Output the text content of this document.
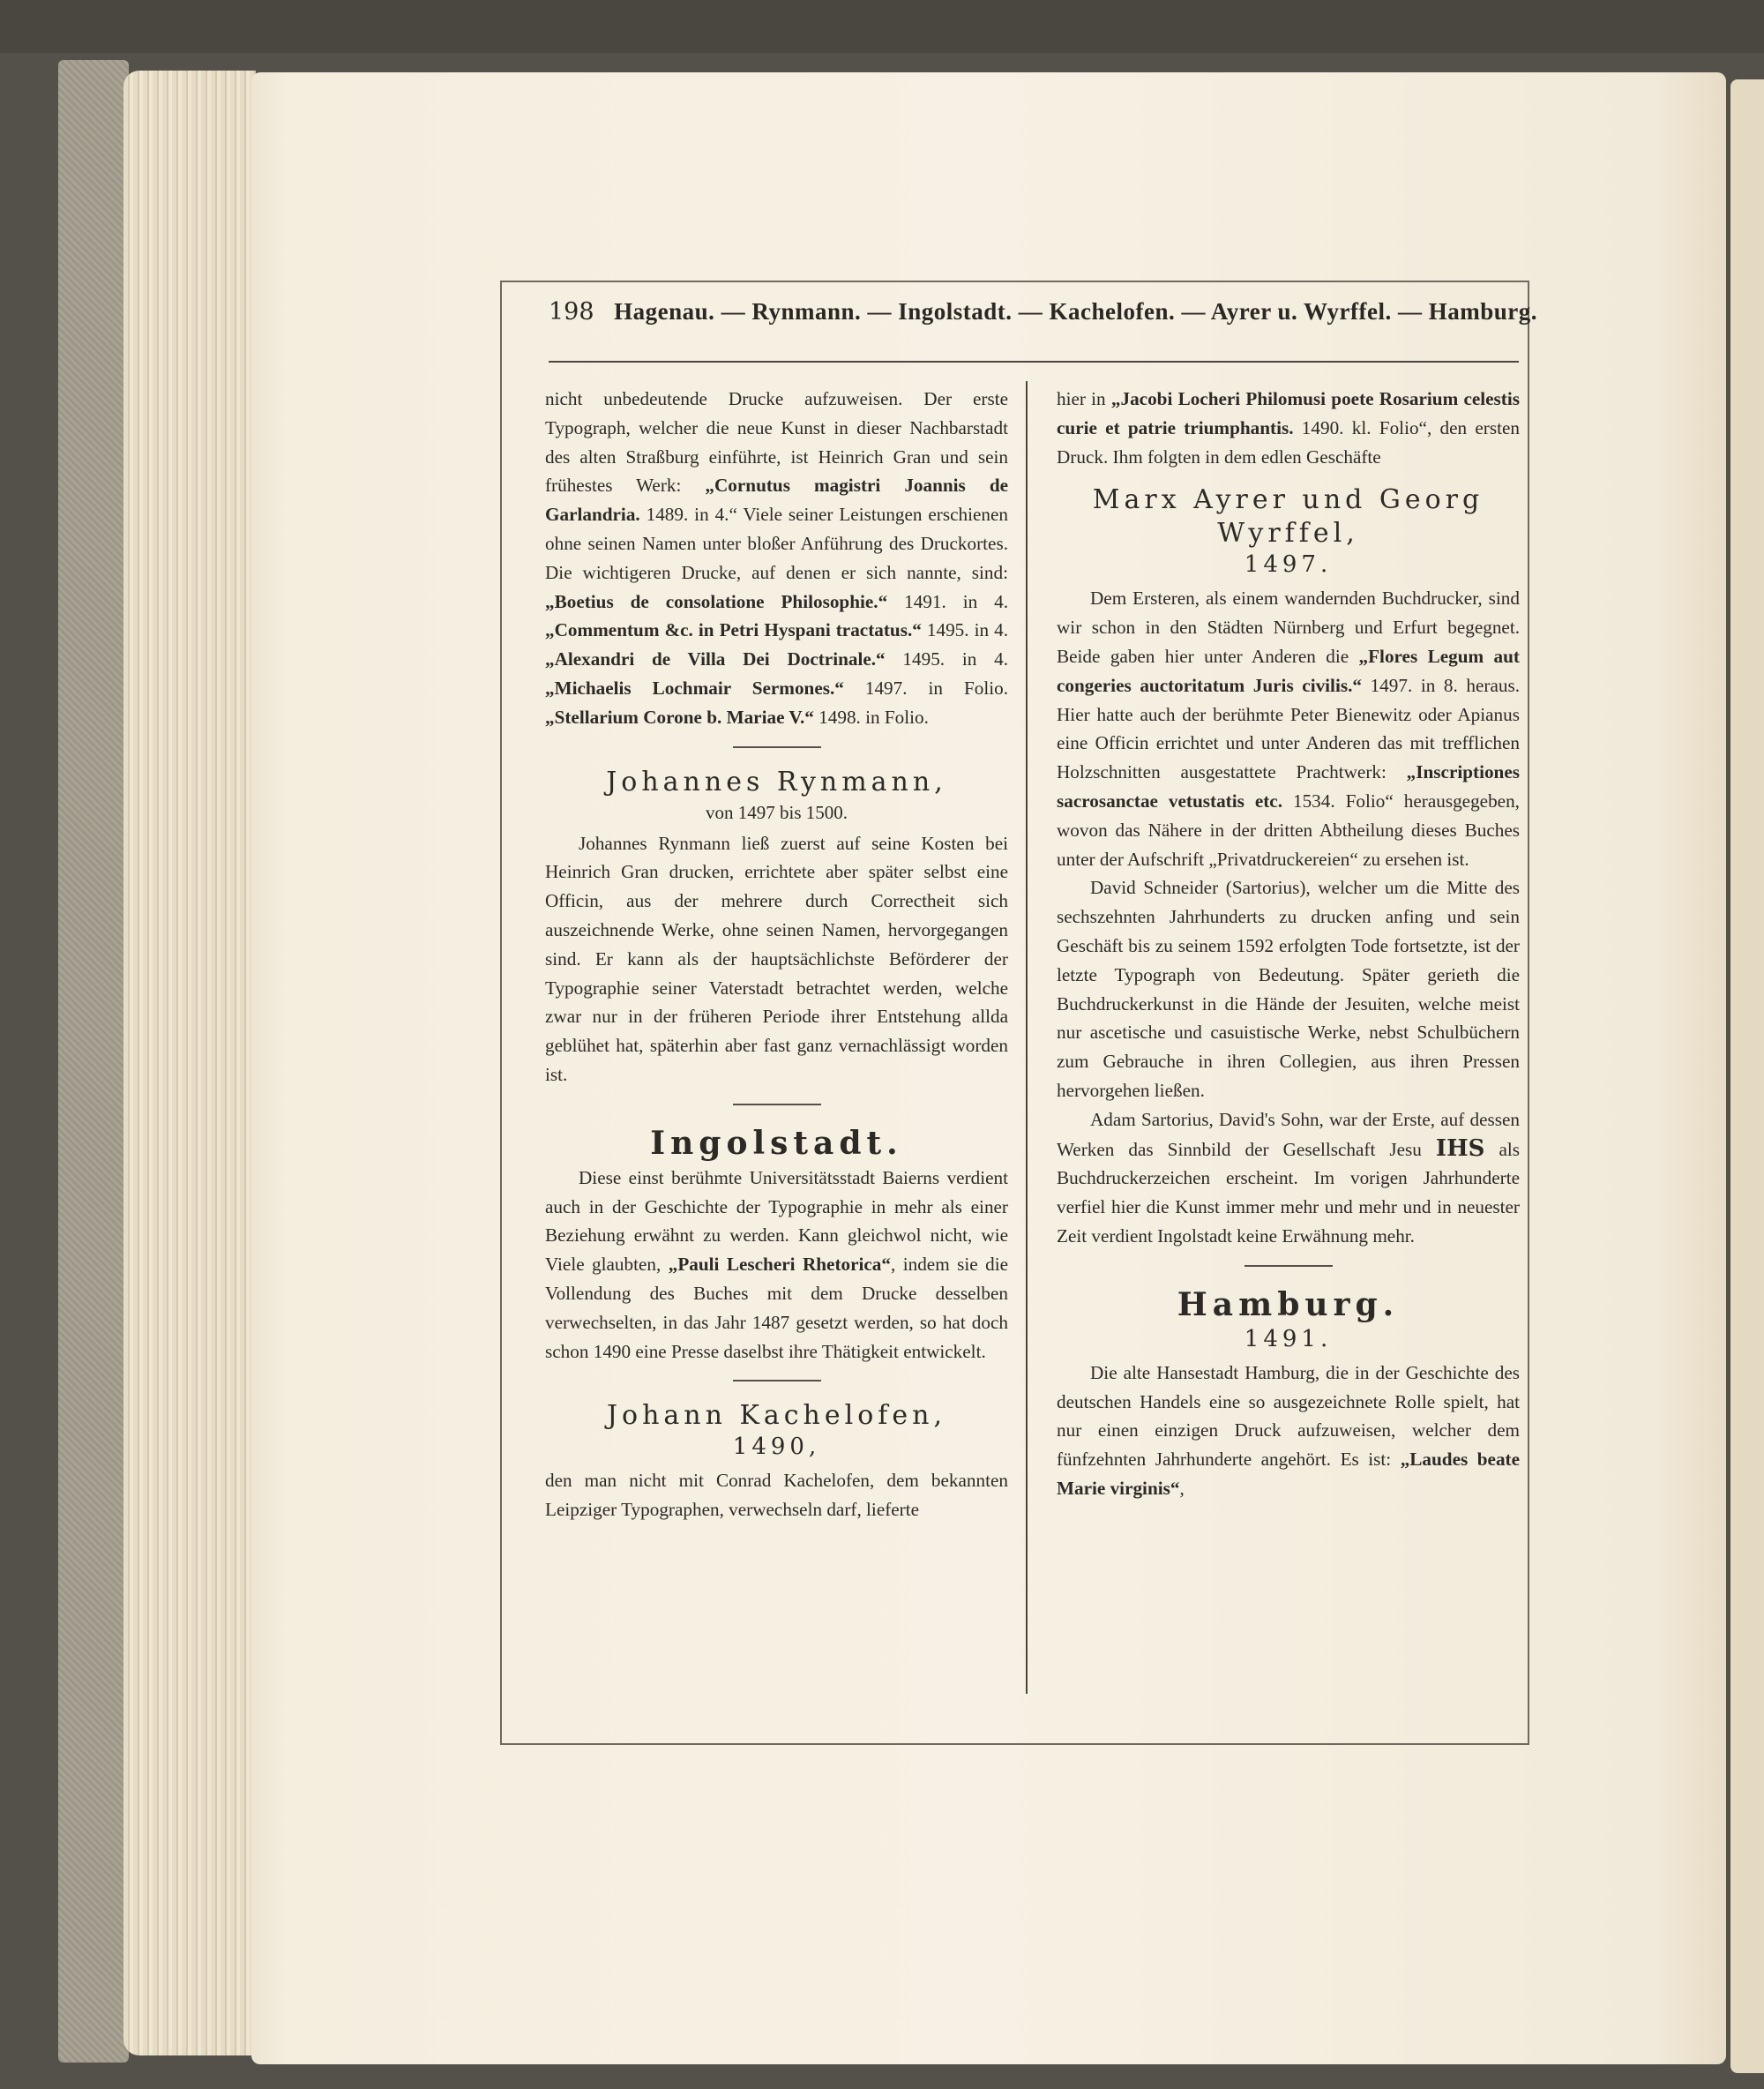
198 Hagenau. — Rynmann. — Ingolstadt. — Kachelofen. — Ayrer u. Wyrffel. — Hamburg.

nicht unbedeutende Drucke aufzuweisen. Der erste Typograph, welcher die neue Kunst in dieser Nachbarstadt des alten Straßburg einführte, ist Heinrich Gran und sein frühestes Werk: „Cornutus magistri Joannis de Garlandria. 1489. in 4.“ Viele seiner Leistungen erschienen ohne seinen Namen unter bloßer Anführung des Druckortes. Die wichtigeren Drucke, auf denen er sich nannte, sind: „Boetius de consolatione Philosophie.“ 1491. in 4. „Commentum &c. in Petri Hyspani tractatus.“ 1495. in 4. „Alexandri de Villa Dei Doctrinale.“ 1495. in 4. „Michaelis Lochmair Sermones.“ 1497. in Folio. „Stellarium Corone b. Mariae V.“ 1498. in Folio.

Johannes Rynmann,
von 1497 bis 1500.

Johannes Rynmann ließ zuerst auf seine Kosten bei Heinrich Gran drucken, errichtete aber später selbst eine Officin, aus der mehrere durch Correctheit sich auszeichnende Werke, ohne seinen Namen, hervorgegangen sind. Er kann als der hauptsächlichste Beförderer der Typographie seiner Vaterstadt betrachtet werden, welche zwar nur in der früheren Periode ihrer Entstehung allda geblühet hat, späterhin aber fast ganz vernachlässigt worden ist.

Ingolstadt.

Diese einst berühmte Universitätsstadt Baierns verdient auch in der Geschichte der Typographie in mehr als einer Beziehung erwähnt zu werden. Kann gleichwol nicht, wie Viele glaubten, „Pauli Lescheri Rhetorica“, indem sie die Vollendung des Buches mit dem Drucke desselben verwechselten, in das Jahr 1487 gesetzt werden, so hat doch schon 1490 eine Presse daselbst ihre Thätigkeit entwickelt.

Johann Kachelofen,
1490,

den man nicht mit Conrad Kachelofen, dem bekannten Leipziger Typographen, verwechseln darf, lieferte

hier in „Jacobi Locheri Philomusi poete Rosarium celestis curie et patrie triumphantis. 1490. kl. Folio“, den ersten Druck. Ihm folgten in dem edlen Geschäfte

Marx Ayrer und Georg Wyrffel,
1497.

Dem Ersteren, als einem wandernden Buchdrucker, sind wir schon in den Städten Nürnberg und Erfurt begegnet. Beide gaben hier unter Anderen die „Flores Legum aut congeries auctoritatum Juris civilis.“ 1497. in 8. heraus. Hier hatte auch der berühmte Peter Bienewitz oder Apianus eine Officin errichtet und unter Anderen das mit trefflichen Holzschnitten ausgestattete Prachtwerk: „Inscriptiones sacrosanctae vetustatis etc. 1534. Folio“ herausgegeben, wovon das Nähere in der dritten Abtheilung dieses Buches unter der Aufschrift „Privatdruckereien“ zu ersehen ist.

David Schneider (Sartorius), welcher um die Mitte des sechszehnten Jahrhunderts zu drucken anfing und sein Geschäft bis zu seinem 1592 erfolgten Tode fortsetzte, ist der letzte Typograph von Bedeutung. Später gerieth die Buchdruckerkunst in die Hände der Jesuiten, welche meist nur ascetische und casuistische Werke, nebst Schulbüchern zum Gebrauche in ihren Collegien, aus ihren Pressen hervorgehen ließen.

Adam Sartorius, David's Sohn, war der Erste, auf dessen Werken das Sinnbild der Gesellschaft Jesu IHS als Buchdruckerzeichen erscheint. Im vorigen Jahrhunderte verfiel hier die Kunst immer mehr und mehr und in neuester Zeit verdient Ingolstadt keine Erwähnung mehr.

Hamburg.
1491.

Die alte Hansestadt Hamburg, die in der Geschichte des deutschen Handels eine so ausgezeichnete Rolle spielt, hat nur einen einzigen Druck aufzuweisen, welcher dem fünfzehnten Jahrhunderte angehört. Es ist: „Laudes beate Marie virginis“,
